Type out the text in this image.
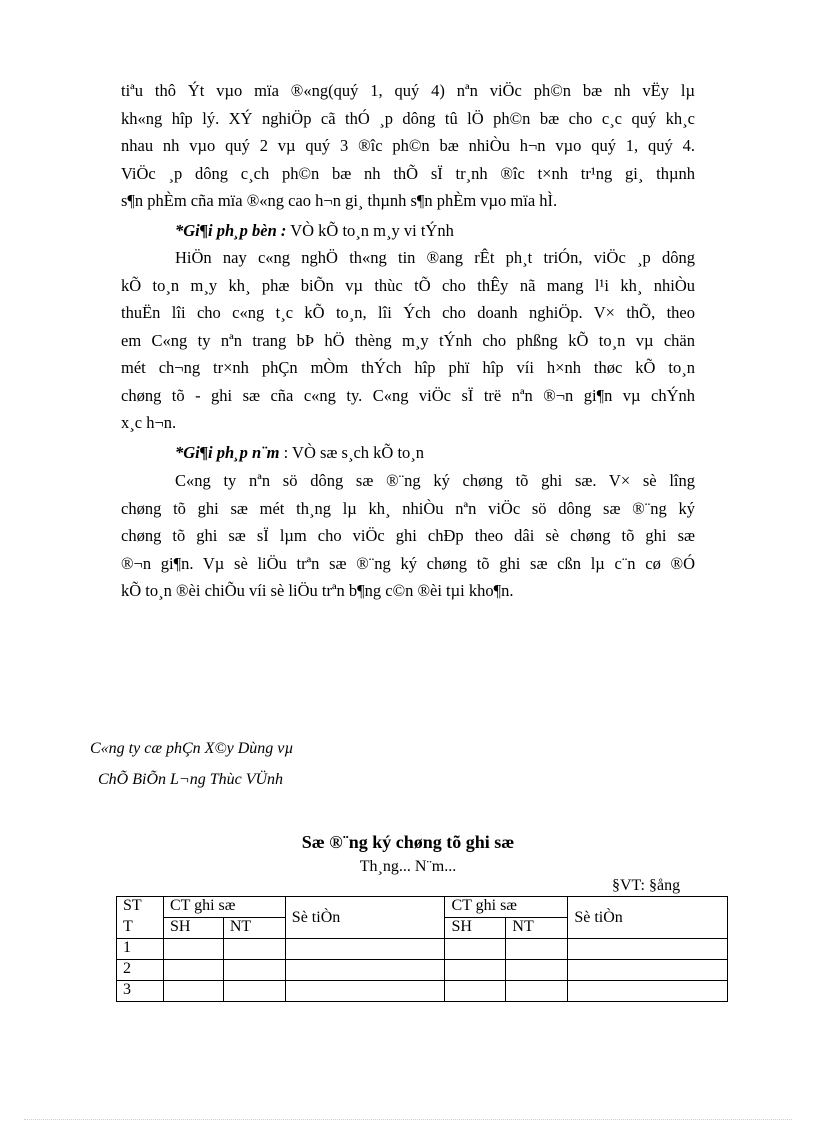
tiªu thô Ýt vµo mïa ®«ng(quý 1, quý 4) nªn viÖc ph©n bæ nh vËy lµ
kh«ng hîp lý. XÝ nghiÖp cã thÓ ¸p dông tû lÖ ph©n bæ cho c¸c quý kh¸c
nhau nh vµo quý 2 vµ quý 3 ®îc ph©n bæ nhiÒu h¬n vµo quý 1, quý 4.
ViÖc ¸p dông c¸ch ph©n bæ nh thÕ sÏ tr¸nh ®îc t×nh tr¹ng gi¸ thµnh
s¶n phÈm cña mïa ®«ng cao h¬n gi¸ thµnh s¶n phÈm vµo mïa hÌ.
*Gi¶i ph¸p bèn : VÒ kÕ to¸n m¸y vi tÝnh
HiÖn nay c«ng nghÖ th«ng tin ®ang rÊt ph¸t triÓn, viÖc ¸p dông
kÕ to¸n m¸y kh¸ phæ biÕn vµ thùc tÕ cho thÊy nã mang l¹i kh¸ nhiÒu
thuËn lîi cho c«ng t¸c kÕ to¸n, lîi Ých cho doanh nghiÖp. V× thÕ, theo
em C«ng ty nªn trang bÞ hÖ thèng m¸y tÝnh cho phßng kÕ to¸n vµ chän
mét ch¬ng tr×nh phÇn mÒm thÝch hîp phï hîp víi h×nh thøc kÕ to¸n
chøng tõ - ghi sæ cña c«ng ty. C«ng viÖc sÏ trë nªn ®¬n gi¶n vµ chÝnh
x¸c h¬n.
*Gi¶i ph¸p n¨m : VÒ sæ s¸ch kÕ to¸n
C«ng ty nªn sö dông sæ ®¨ng ký chøng tõ ghi sæ. V× sè lîng
chøng tõ ghi sæ mét th¸ng lµ kh¸ nhiÒu nªn viÖc sö dông sæ ®¨ng ký
chøng tõ ghi sæ sÏ lµm cho viÖc ghi chÐp theo dâi sè chøng tõ ghi sæ
®¬n gi¶n. Vµ sè liÖu trªn sæ ®¨ng ký chøng tõ ghi sæ cßn lµ c¨n cø ®Ó
kÕ to¸n ®èi chiÕu víi sè liÖu trªn b¶ng c©n ®èi tµi kho¶n.
C«ng ty cæ phÇn X©y Dùng vµ
ChÕ BiÕn L¬ng Thùc VÜnh
Sæ ®¨ng ký chøng tõ ghi sæ
Th¸ng... N¨m...
§VT: §ång
ST	CT ghi sæ		Sè tiÒn	CT ghi sæ		Sè tiÒn
T	SH	NT		SH	NT	
1						
2						
3						
